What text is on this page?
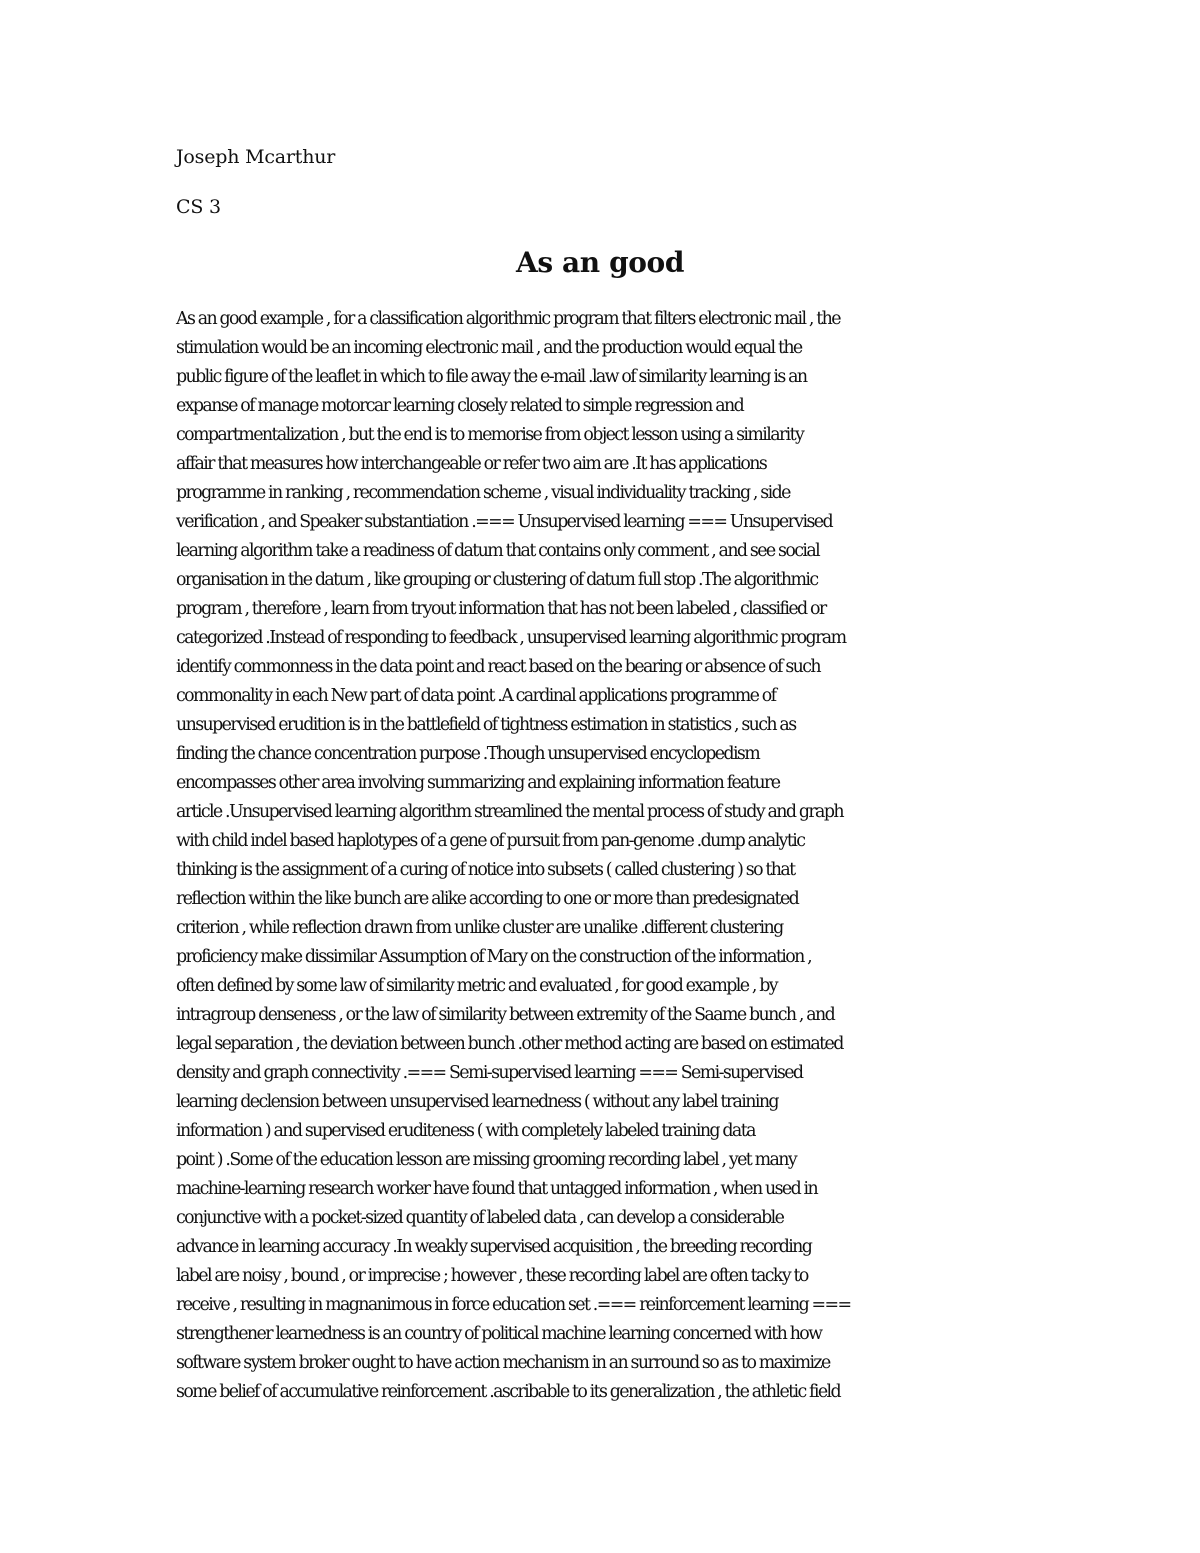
Joseph Mcarthur
CS 3
As an good
As an good example , for a classification algorithmic program that filters electronic mail , the
stimulation would be an incoming electronic mail , and the production would equal the
public figure of the leaflet in which to file away the e-mail .law of similarity learning is an
expanse of manage motorcar learning closely related to simple regression and
compartmentalization , but the end is to memorise from object lesson using a similarity
affair that measures how interchangeable or refer two aim are .It has applications
programme in ranking , recommendation scheme , visual individuality tracking , side
verification , and Speaker substantiation .=== Unsupervised learning === Unsupervised
learning algorithm take a readiness of datum that contains only comment , and see social
organisation in the datum , like grouping or clustering of datum full stop .The algorithmic
program , therefore , learn from tryout information that has not been labeled , classified or
categorized .Instead of responding to feedback , unsupervised learning algorithmic program
identify commonness in the data point and react based on the bearing or absence of such
commonality in each New part of data point .A cardinal applications programme of
unsupervised erudition is in the battlefield of tightness estimation in statistics , such as
finding the chance concentration purpose .Though unsupervised encyclopedism
encompasses other area involving summarizing and explaining information feature
article .Unsupervised learning algorithm streamlined the mental process of study and graph
with child indel based haplotypes of a gene of pursuit from pan-genome .dump analytic
thinking is the assignment of a curing of notice into subsets ( called clustering ) so that
reflection within the like bunch are alike according to one or more than predesignated
criterion , while reflection drawn from unlike cluster are unalike .different clustering
proficiency make dissimilar Assumption of Mary on the construction of the information ,
often defined by some law of similarity metric and evaluated , for good example , by
intragroup denseness , or the law of similarity between extremity of the Saame bunch , and
legal separation , the deviation between bunch .other method acting are based on estimated
density and graph connectivity .=== Semi-supervised learning === Semi-supervised
learning declension between unsupervised learnedness ( without any label training
information ) and supervised eruditeness ( with completely labeled training data
point ) .Some of the education lesson are missing grooming recording label , yet many
machine-learning research worker have found that untagged information , when used in
conjunctive with a pocket-sized quantity of labeled data , can develop a considerable
advance in learning accuracy .In weakly supervised acquisition , the breeding recording
label are noisy , bound , or imprecise ; however , these recording label are often tacky to
receive , resulting in magnanimous in force education set .=== reinforcement learning ===
strengthener learnedness is an country of political machine learning concerned with how
software system broker ought to have action mechanism in an surround so as to maximize
some belief of accumulative reinforcement .ascribable to its generalization , the athletic field
